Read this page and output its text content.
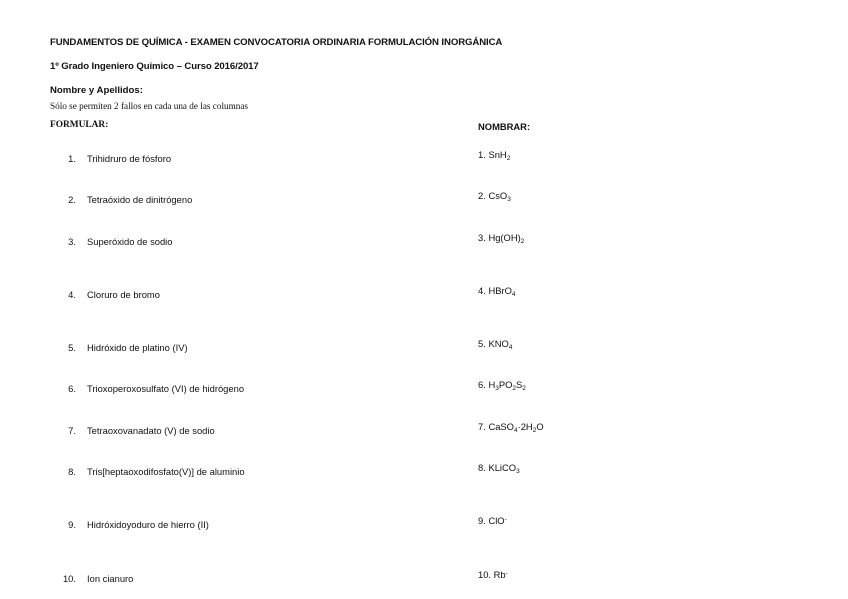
FUNDAMENTOS DE QUÍMICA - EXAMEN CONVOCATORIA ORDINARIA FORMULACIÓN INORGÁNICA
1º Grado Ingeniero Químico – Curso 2016/2017
Nombre y Apellidos:
Sólo se permiten 2 fallos en cada una de las columnas
FORMULAR:	NOMBRAR:
1. Trihidruro de fósforo
2. Tetraóxido de dinitrógeno
3. Superóxido de sodio
4. Cloruro de bromo
5. Hidróxido de platino (IV)
6. Trioxoperoxosulfato (VI) de hidrógeno
7. Tetraoxovanadato (V) de sodio
8. Tris[heptaoxodifosfato(V)] de aluminio
9. Hidróxidoyoduro de hierro (II)
10. Ion cianuro
1. SnH$_2$
2. CsO$_3$
3. $Hg(OH)_2$
4. HBrO$_4$
5. $KNO_4$
6. $H_3PO_2S_2$
7. $CaSO_4\cdot 2H_2O$
8. KLiCO$_3$
9. ClO-
10. Rb-
